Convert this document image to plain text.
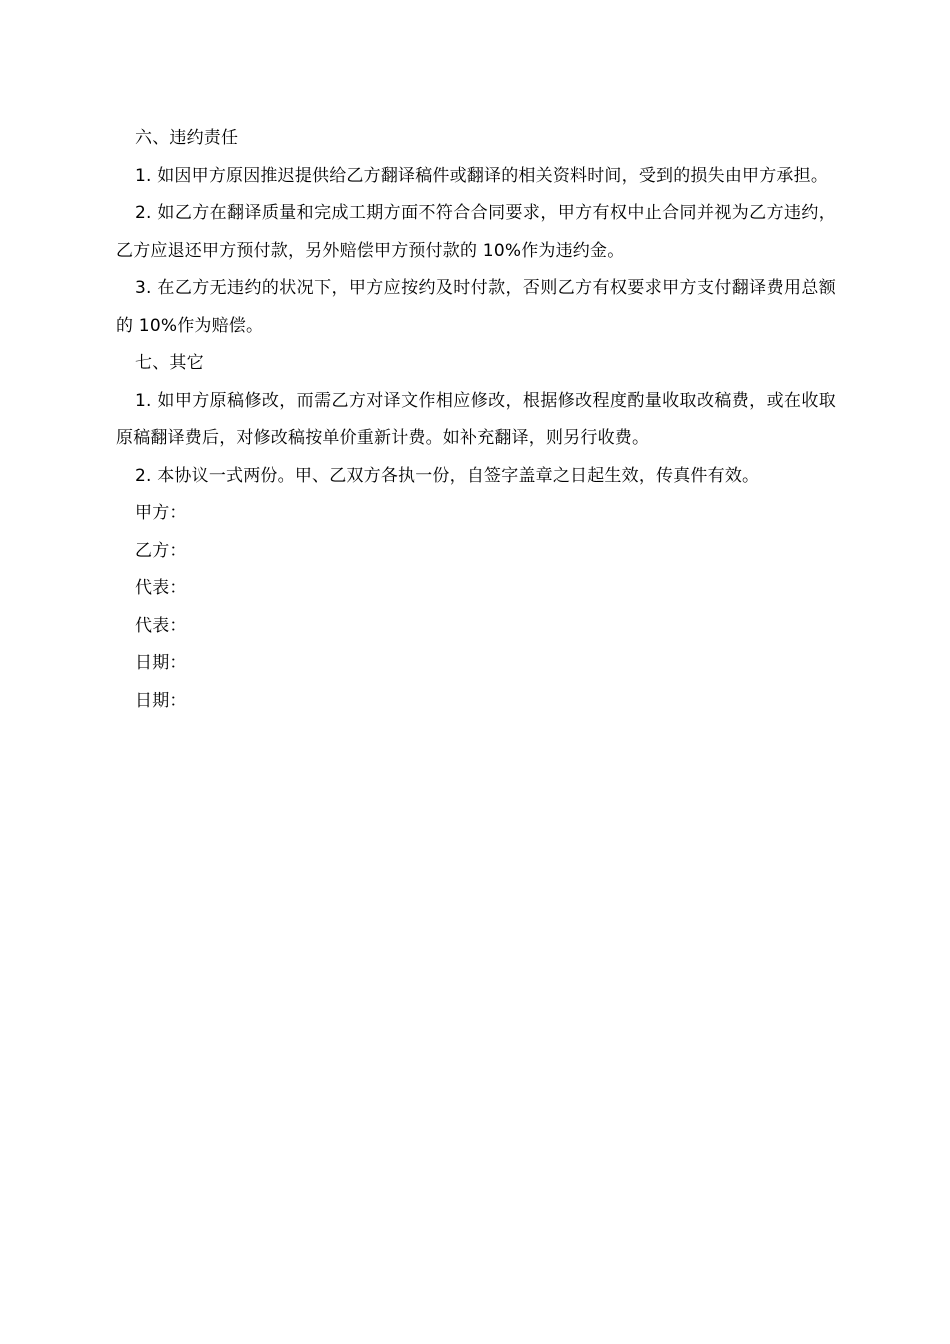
六、违约责任

1. 如因甲方原因推迟提供给乙方翻译稿件或翻译的相关资料时间，受到的损失由甲方承担。

2. 如乙方在翻译质量和完成工期方面不符合合同要求，甲方有权中止合同并视为乙方违约，乙方应退还甲方预付款，另外赔偿甲方预付款的 10%作为违约金。

3. 在乙方无违约的状况下，甲方应按约及时付款，否则乙方有权要求甲方支付翻译费用总额的 10%作为赔偿。

七、其它

1. 如甲方原稿修改，而需乙方对译文作相应修改，根据修改程度酌量收取改稿费，或在收取原稿翻译费后，对修改稿按单价重新计费。如补充翻译，则另行收费。

2. 本协议一式两份。甲、乙双方各执一份，自签字盖章之日起生效，传真件有效。

甲方：

乙方：

代表：

代表：

日期：

日期：
